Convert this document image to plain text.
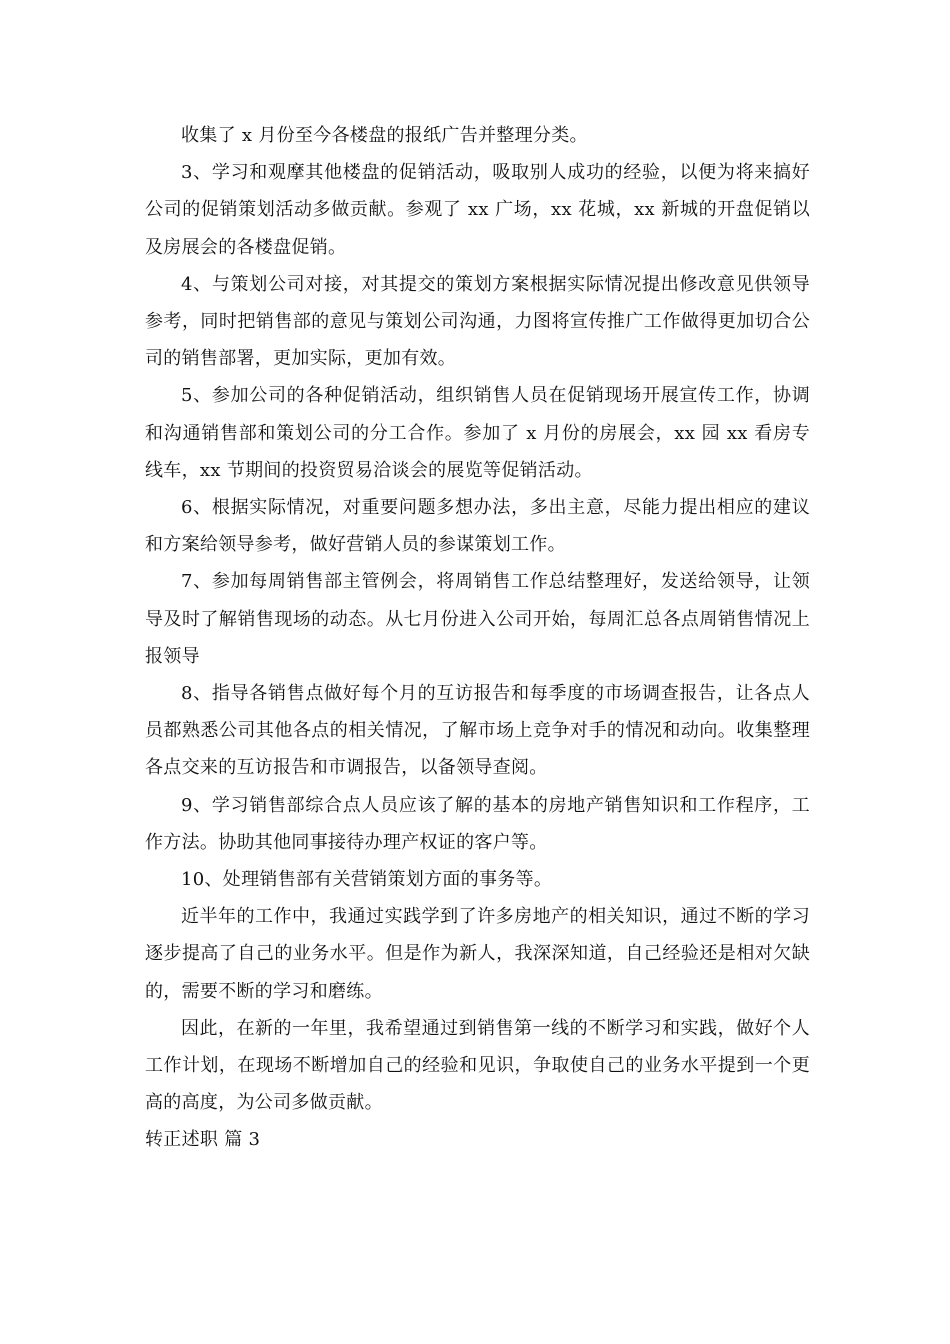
收集了 x 月份至今各楼盘的报纸广告并整理分类。

3、学习和观摩其他楼盘的促销活动，吸取别人成功的经验，以便为将来搞好公司的促销策划活动多做贡献。参观了 xx 广场，xx 花城，xx 新城的开盘促销以及房展会的各楼盘促销。

4、与策划公司对接，对其提交的策划方案根据实际情况提出修改意见供领导参考，同时把销售部的意见与策划公司沟通，力图将宣传推广工作做得更加切合公司的销售部署，更加实际，更加有效。

5、参加公司的各种促销活动，组织销售人员在促销现场开展宣传工作，协调和沟通销售部和策划公司的分工合作。参加了 x 月份的房展会，xx 园 xx 看房专线车，xx 节期间的投资贸易洽谈会的展览等促销活动。

6、根据实际情况，对重要问题多想办法，多出主意，尽能力提出相应的建议和方案给领导参考，做好营销人员的参谋策划工作。

7、参加每周销售部主管例会，将周销售工作总结整理好，发送给领导，让领导及时了解销售现场的动态。从七月份进入公司开始，每周汇总各点周销售情况上报领导

8、指导各销售点做好每个月的互访报告和每季度的市场调查报告，让各点人员都熟悉公司其他各点的相关情况，了解市场上竞争对手的情况和动向。收集整理各点交来的互访报告和市调报告，以备领导查阅。

9、学习销售部综合点人员应该了解的基本的房地产销售知识和工作程序，工作方法。协助其他同事接待办理产权证的客户等。

10、处理销售部有关营销策划方面的事务等。

近半年的工作中，我通过实践学到了许多房地产的相关知识，通过不断的学习逐步提高了自己的业务水平。但是作为新人，我深深知道，自己经验还是相对欠缺的，需要不断的学习和磨练。

因此，在新的一年里，我希望通过到销售第一线的不断学习和实践，做好个人工作计划，在现场不断增加自己的经验和见识，争取使自己的业务水平提到一个更高的高度，为公司多做贡献。

转正述职 篇 3
